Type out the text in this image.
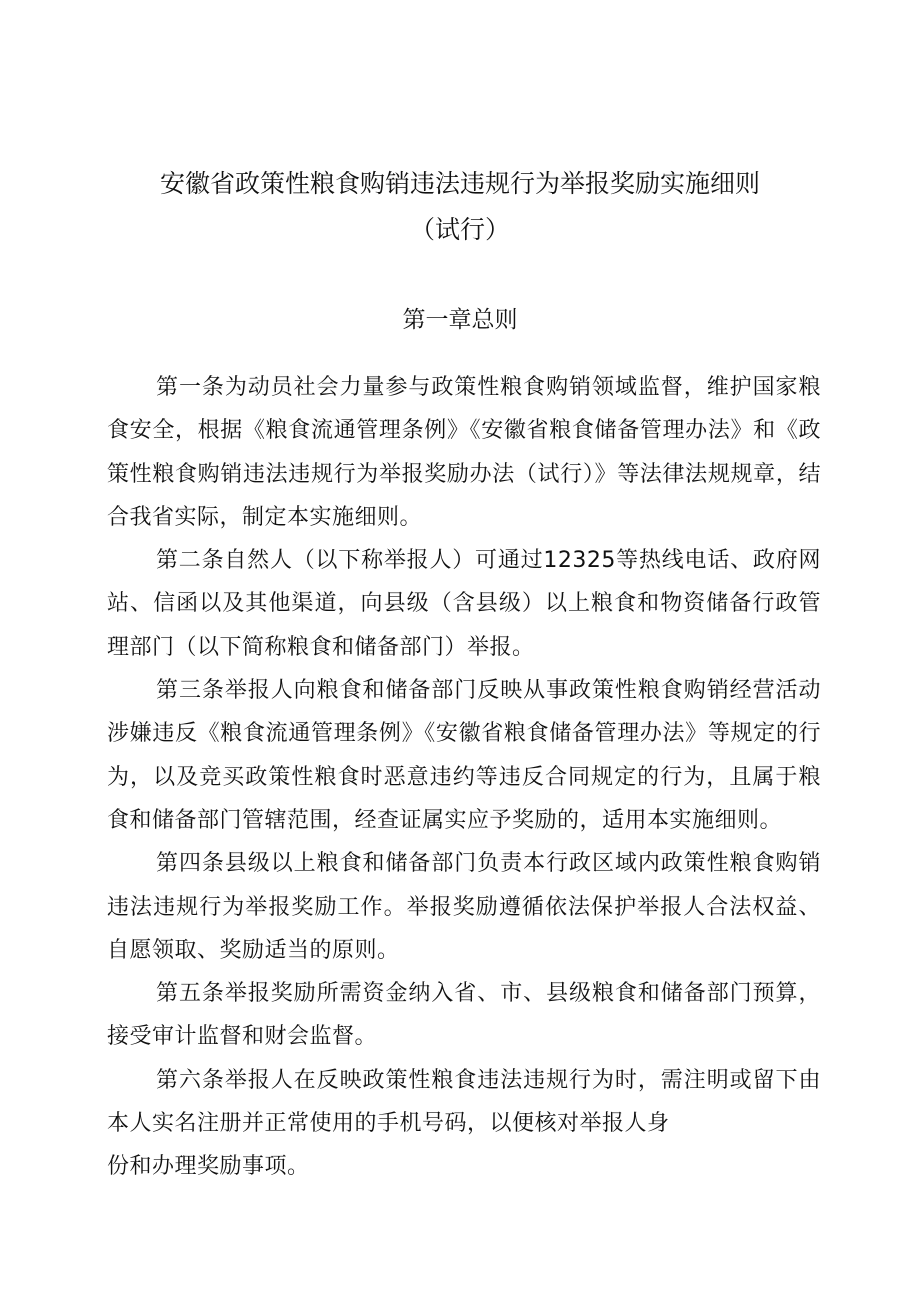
安徽省政策性粮食购销违法违规行为举报奖励实施细则
（试行）
第一章总则

第一条为动员社会力量参与政策性粮食购销领域监督，维护国家粮食安全，根据《粮食流通管理条例》《安徽省粮食储备管理办法》和《政策性粮食购销违法违规行为举报奖励办法（试行）》等法律法规规章，结合我省实际，制定本实施细则。

第二条自然人（以下称举报人）可通过12325等热线电话、政府网站、信函以及其他渠道，向县级（含县级）以上粮食和物资储备行政管理部门（以下简称粮食和储备部门）举报。

第三条举报人向粮食和储备部门反映从事政策性粮食购销经营活动涉嫌违反《粮食流通管理条例》《安徽省粮食储备管理办法》等规定的行为，以及竞买政策性粮食时恶意违约等违反合同规定的行为，且属于粮食和储备部门管辖范围，经查证属实应予奖励的，适用本实施细则。

第四条县级以上粮食和储备部门负责本行政区域内政策性粮食购销违法违规行为举报奖励工作。举报奖励遵循依法保护举报人合法权益、自愿领取、奖励适当的原则。

第五条举报奖励所需资金纳入省、市、县级粮食和储备部门预算，接受审计监督和财会监督。

第六条举报人在反映政策性粮食违法违规行为时，需注明或留下由本人实名注册并正常使用的手机号码，以便核对举报人身

份和办理奖励事项。
